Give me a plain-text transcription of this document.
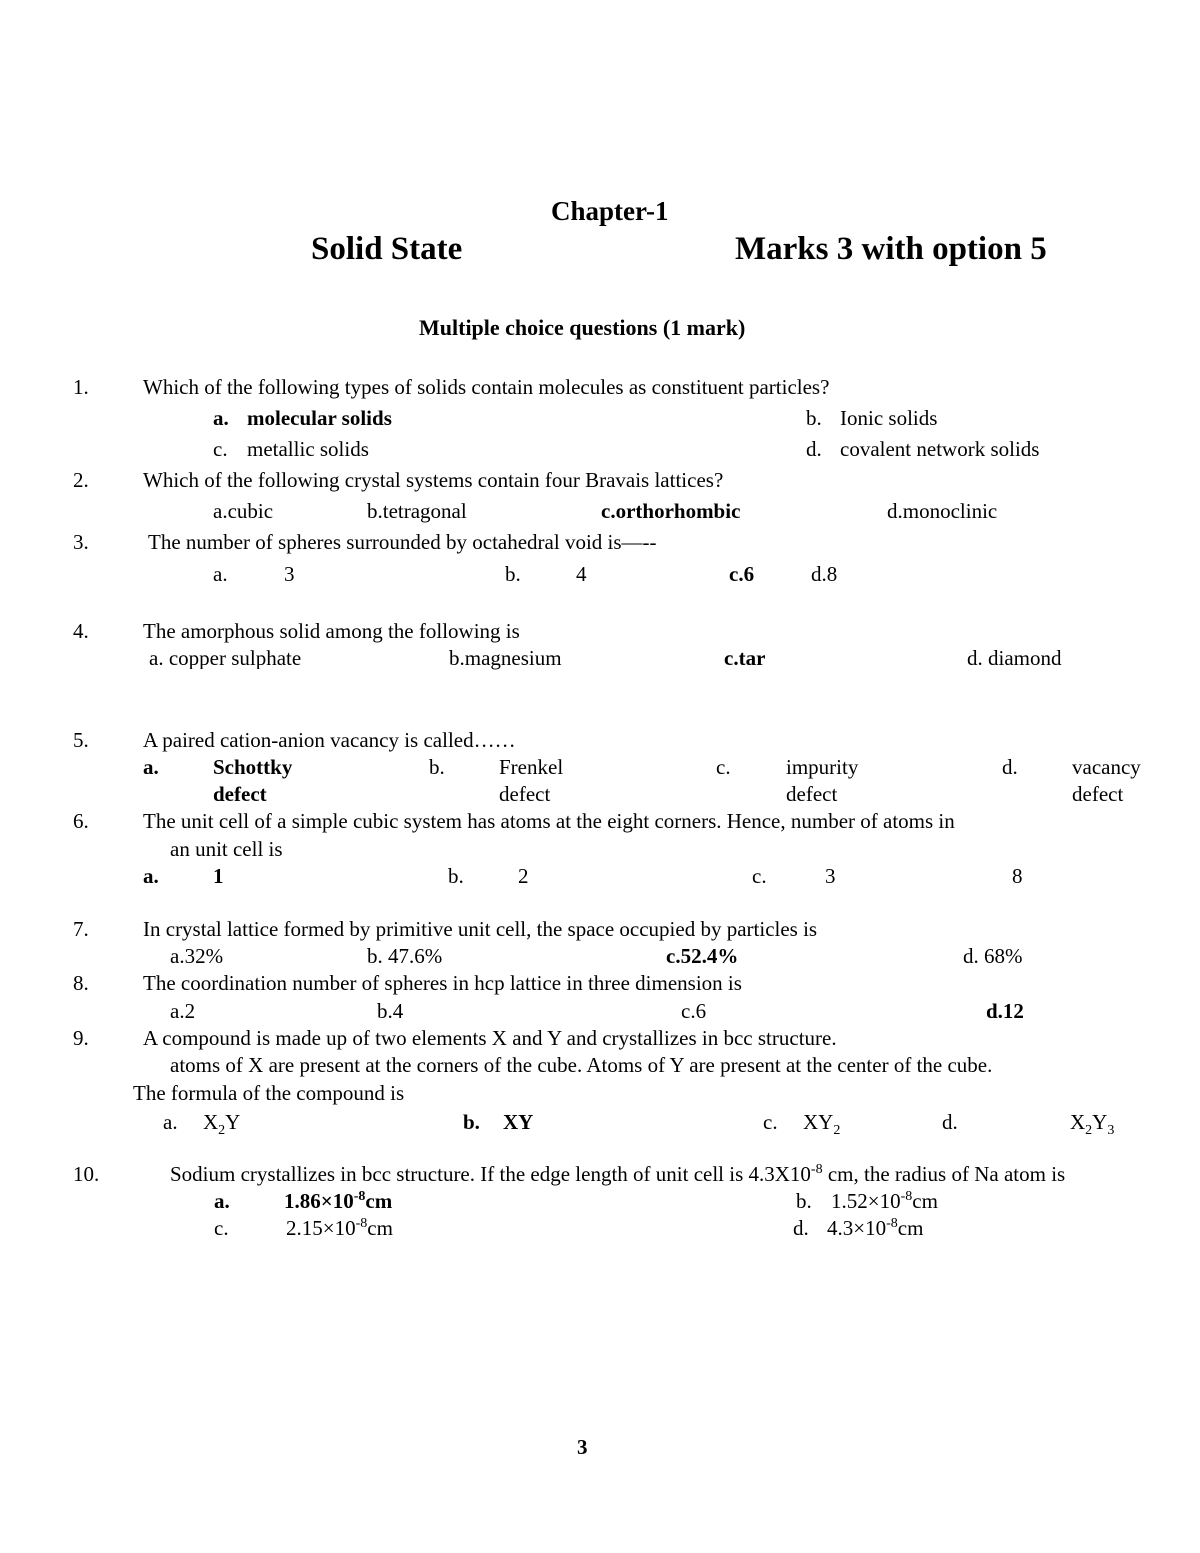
Chapter-1
Solid State	Marks 3 with option 5
Multiple choice questions (1 mark)
1.	Which of the following types of solids contain molecules as constituent particles?
a. molecular solids	b. Ionic solids
c. metallic solids	d. covalent network solids
2.	Which of the following crystal systems contain four Bravais lattices?
a.cubic	b.tetragonal	c.orthorhombic	d.monoclinic
3.	The number of spheres surrounded by octahedral void is—--
a.	3	b.	4	c.6	d.8
4.	The amorphous solid among the following is
a. copper sulphate	b.magnesium	c.tar	d. diamond
5.	A paired cation-anion vacancy is called……
a.	Schottky
defect
b.	Frenkel
defect
c.	impurity
defect
d.	vacancy
defect
6.	The unit cell of a simple cubic system has atoms at the eight corners. Hence, number of atoms in
an unit cell is
a.	1	b.	2	c.	3	8
7.	In crystal lattice formed by primitive unit cell, the space occupied by particles is
a.32%	b. 47.6%	c.52.4%	d. 68%
8.	The coordination number of spheres in hcp lattice in three dimension is
a.2	b.4	c.6	d.12
9.	A compound is made up of two elements X and Y and crystallizes in bcc structure.
atoms of X are present at the corners of the cube. Atoms of Y are present at the center of the cube.
The formula of the compound is
a. $X_2Y$	b. XY	c. $XY_2$	d.	$X_2Y_3$
10.	Sodium crystallizes in bcc structure. If the edge length of unit cell is $4.3X10^{-8}$ cm, the radius of Na atom is
a.	$1.86\times 10^{-8}cm$	b. $1.52\times 10^{-8}cm$
c.	$2.15\times 10^{-8}cm$	d. $4.3\times 10^{-8}cm$
3
